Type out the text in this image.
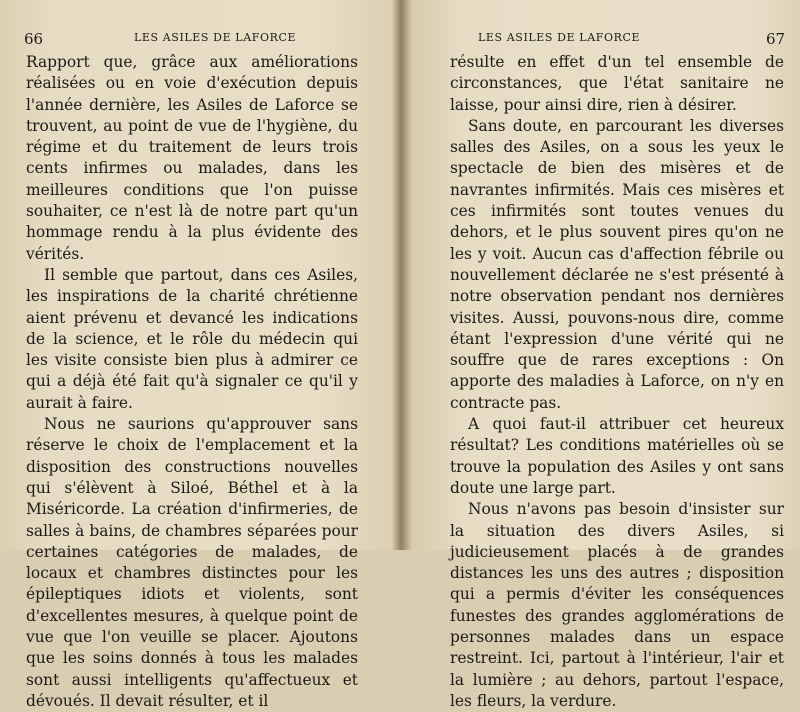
66	LES ASILES DE LAFORCE

Rapport que, grâce aux améliorations réalisées ou en voie d'exécution depuis l'année dernière, les Asiles de Laforce se trouvent, au point de vue de l'hygiène, du régime et du traitement de leurs trois cents infirmes ou malades, dans les meilleures conditions que l'on puisse souhaiter, ce n'est là de notre part qu'un hommage rendu à la plus évidente des vérités.

Il semble que partout, dans ces Asiles, les inspirations de la charité chrétienne aient prévenu et devancé les indications de la science, et le rôle du médecin qui les visite consiste bien plus à admirer ce qui a déjà été fait qu'à signaler ce qu'il y aurait à faire.

Nous ne saurions qu'approuver sans réserve le choix de l'emplacement et la disposition des constructions nouvelles qui s'élèvent à Siloé, Béthel et à la Miséricorde. La création d'infirmeries, de salles à bains, de chambres séparées pour certaines catégories de malades, de locaux et chambres distinctes pour les épileptiques idiots et violents, sont d'excellentes mesures, à quelque point de vue que l'on veuille se placer. Ajoutons que les soins donnés à tous les malades sont aussi intelligents qu'affectueux et dévoués. Il devait résulter, et il

LES ASILES DE LAFORCE	67

résulte en effet d'un tel ensemble de circonstances, que l'état sanitaire ne laisse, pour ainsi dire, rien à désirer.

Sans doute, en parcourant les diverses salles des Asiles, on a sous les yeux le spectacle de bien des misères et de navrantes infirmités. Mais ces misères et ces infirmités sont toutes venues du dehors, et le plus souvent pires qu'on ne les y voit. Aucun cas d'affection fébrile ou nouvellement déclarée ne s'est présenté à notre observation pendant nos dernières visites. Aussi, pouvons-nous dire, comme étant l'expression d'une vérité qui ne souffre que de rares exceptions : On apporte des maladies à Laforce, on n'y en contracte pas.

A quoi faut-il attribuer cet heureux résultat? Les conditions matérielles où se trouve la population des Asiles y ont sans doute une large part.

Nous n'avons pas besoin d'insister sur la situation des divers Asiles, si judicieusement placés à de grandes distances les uns des autres ; disposition qui a permis d'éviter les conséquences funestes des grandes agglomérations de personnes malades dans un espace restreint. Ici, partout à l'intérieur, l'air et la lumière ; au dehors, partout l'espace, les fleurs, la verdure.
